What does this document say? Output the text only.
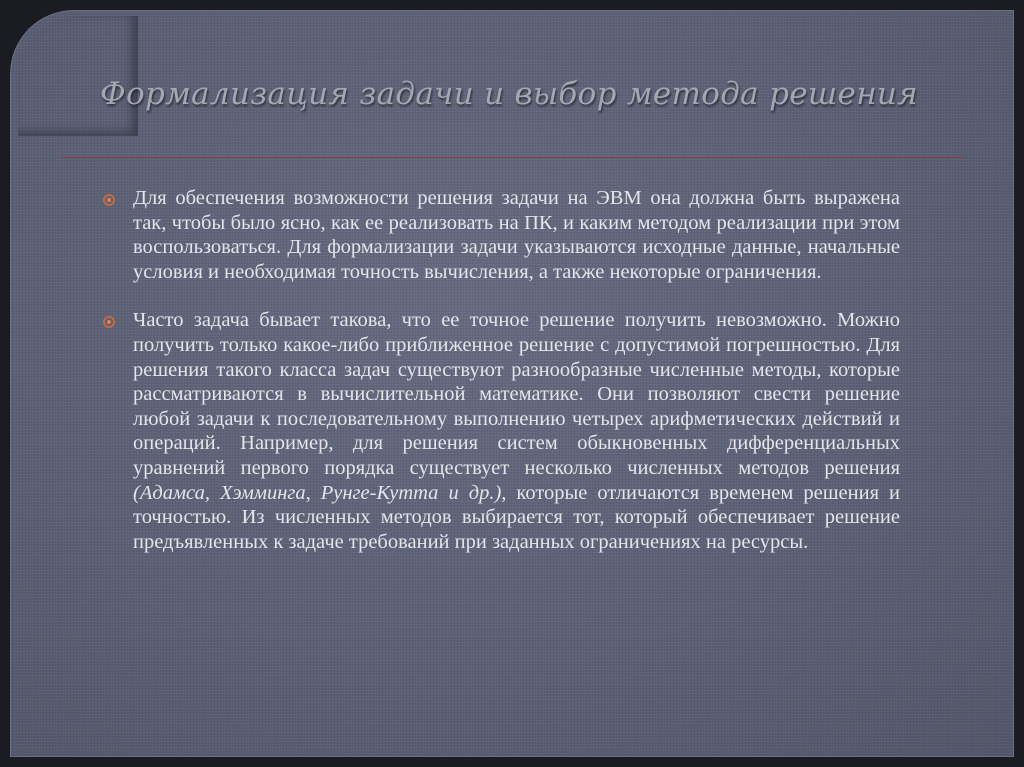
Формализация задачи и выбор метода решения

Для обеспечения возможности решения задачи на ЭВМ она должна быть выражена так, чтобы было ясно, как ее реализовать на ПК, и каким методом реализации при этом воспользоваться. Для формализации задачи указываются исходные данные, начальные условия и необходимая точность вычисления, а также некоторые ограничения.

Часто задача бывает такова, что ее точное решение получить невозможно. Можно получить только какое-либо приближенное решение с допустимой погрешностью. Для решения такого класса задач существуют разнообразные численные методы, которые рассматриваются в вычислительной математике. Они позволяют свести решение любой задачи к последовательному выполнению четырех арифметических действий и операций. Например, для решения систем обыкновенных дифференциальных уравнений первого порядка существует несколько численных методов решения (Адамса, Хэмминга, Рунге-Кутта и др.), которые отличаются временем решения и точностью. Из численных методов выбирается тот, который обеспечивает решение предъявленных к задаче требований при заданных ограничениях на ресурсы.
